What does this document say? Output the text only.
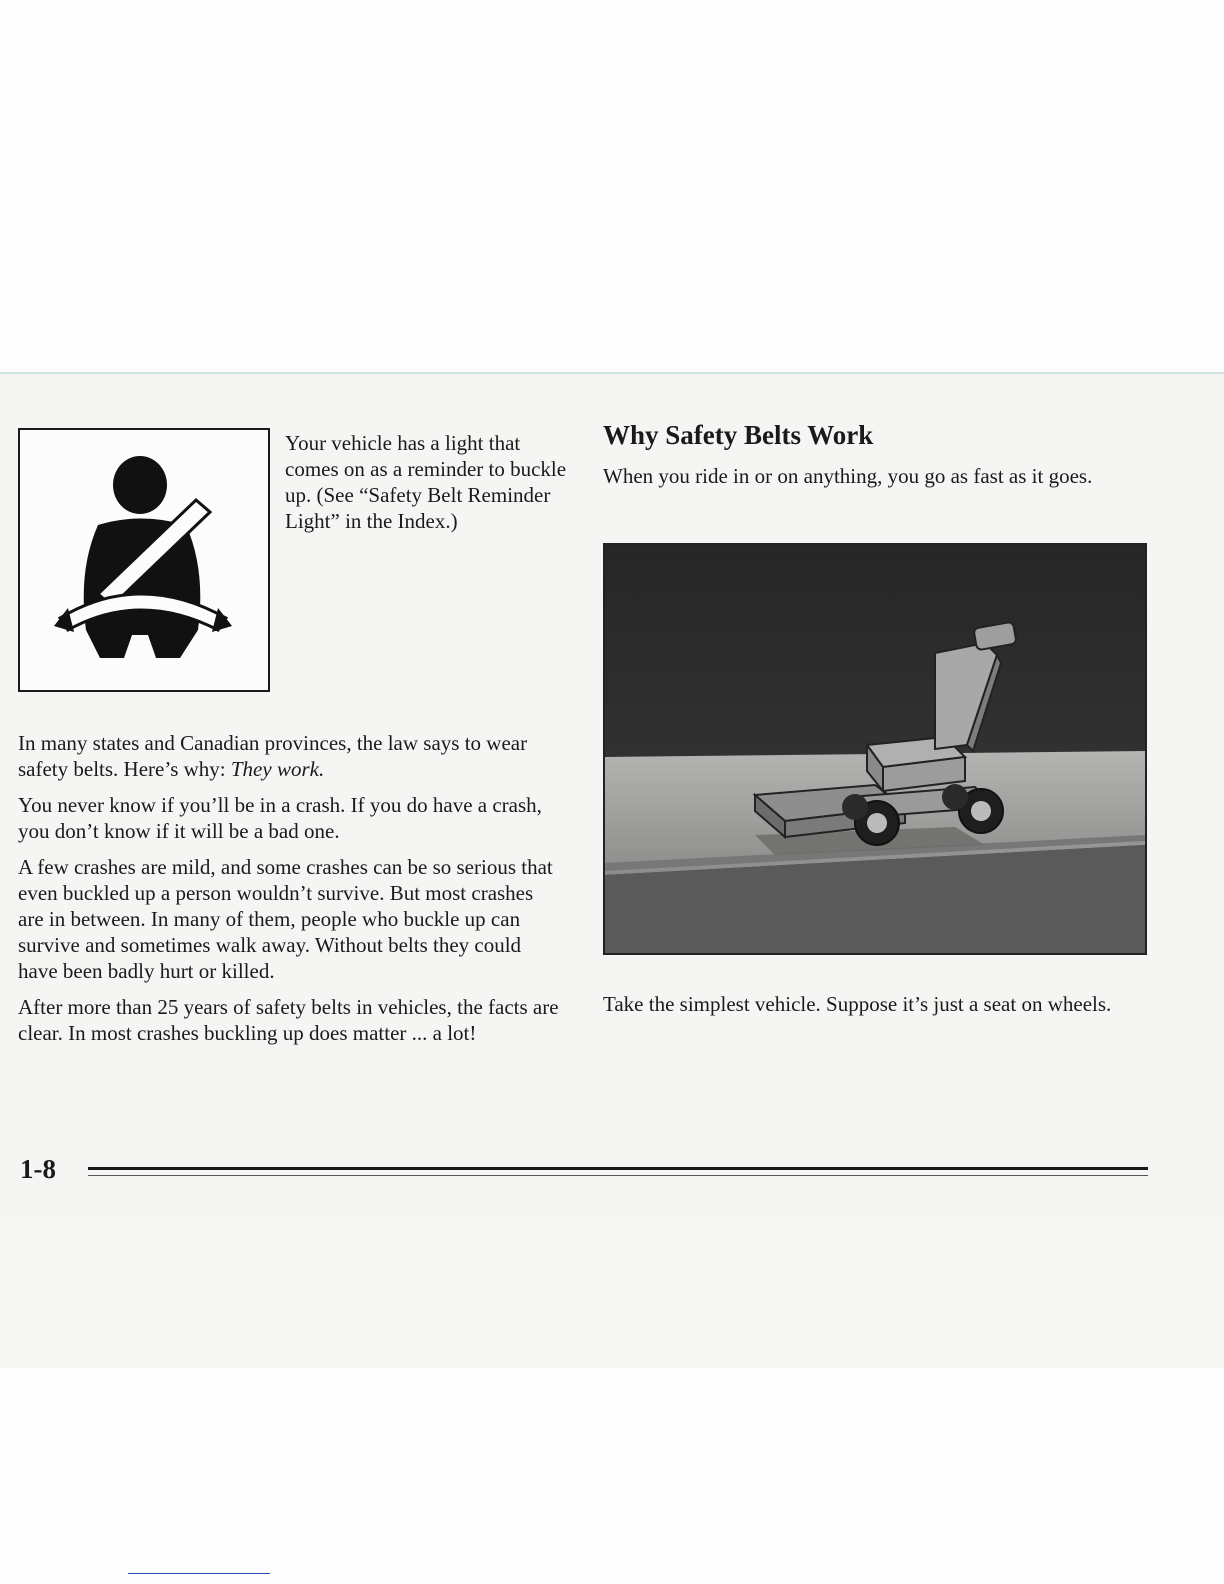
Your vehicle has a light that comes on as a reminder to buckle up. (See “Safety Belt Reminder Light” in the Index.)

In many states and Canadian provinces, the law says to wear safety belts. Here’s why: They work.

You never know if you’ll be in a crash. If you do have a crash, you don’t know if it will be a bad one.

A few crashes are mild, and some crashes can be so serious that even buckled up a person wouldn’t survive. But most crashes are in between. In many of them, people who buckle up can survive and sometimes walk away. Without belts they could have been badly hurt or killed.

After more than 25 years of safety belts in vehicles, the facts are clear. In most crashes buckling up does matter ... a lot!

Why Safety Belts Work

When you ride in or on anything, you go as fast as it goes.

Take the simplest vehicle. Suppose it’s just a seat on wheels.

1-8
